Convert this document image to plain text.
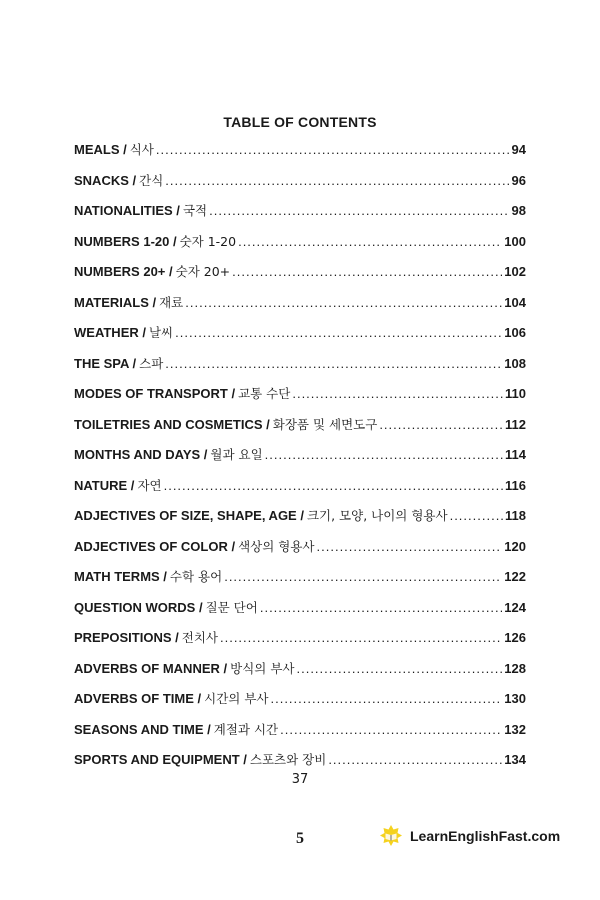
TABLE OF CONTENTS
MEALS / 식사 .....	94
SNACKS / 간식 .....	96
NATIONALITIES / 국적 .....	98
NUMBERS 1-20 / 숫자 1-20 .....	100
NUMBERS 20+ / 숫자 20+ .....	102
MATERIALS / 재료 .....	104
WEATHER / 날씨 .....	106
THE SPA / 스파 .....	108
MODES OF TRANSPORT / 교통 수단 .....	110
TOILETRIES AND COSMETICS / 화장품 및 세면도구 .....	112
MONTHS AND DAYS / 월과 요일 .....	114
NATURE / 자연 .....	116
ADJECTIVES OF SIZE, SHAPE, AGE / 크기, 모양, 나이의 형용사 .....	118
ADJECTIVES OF COLOR / 색상의 형용사 .....	120
MATH TERMS / 수학 용어 .....	122
QUESTION WORDS / 질문 단어 .....	124
PREPOSITIONS / 전치사 .....	126
ADVERBS OF MANNER / 방식의 부사 .....	128
ADVERBS OF TIME / 시간의 부사 .....	130
SEASONS AND TIME / 계절과 시간 .....	132
SPORTS AND EQUIPMENT / 스포츠와 장비 .....	134
37
5	LearnEnglishFast.com
